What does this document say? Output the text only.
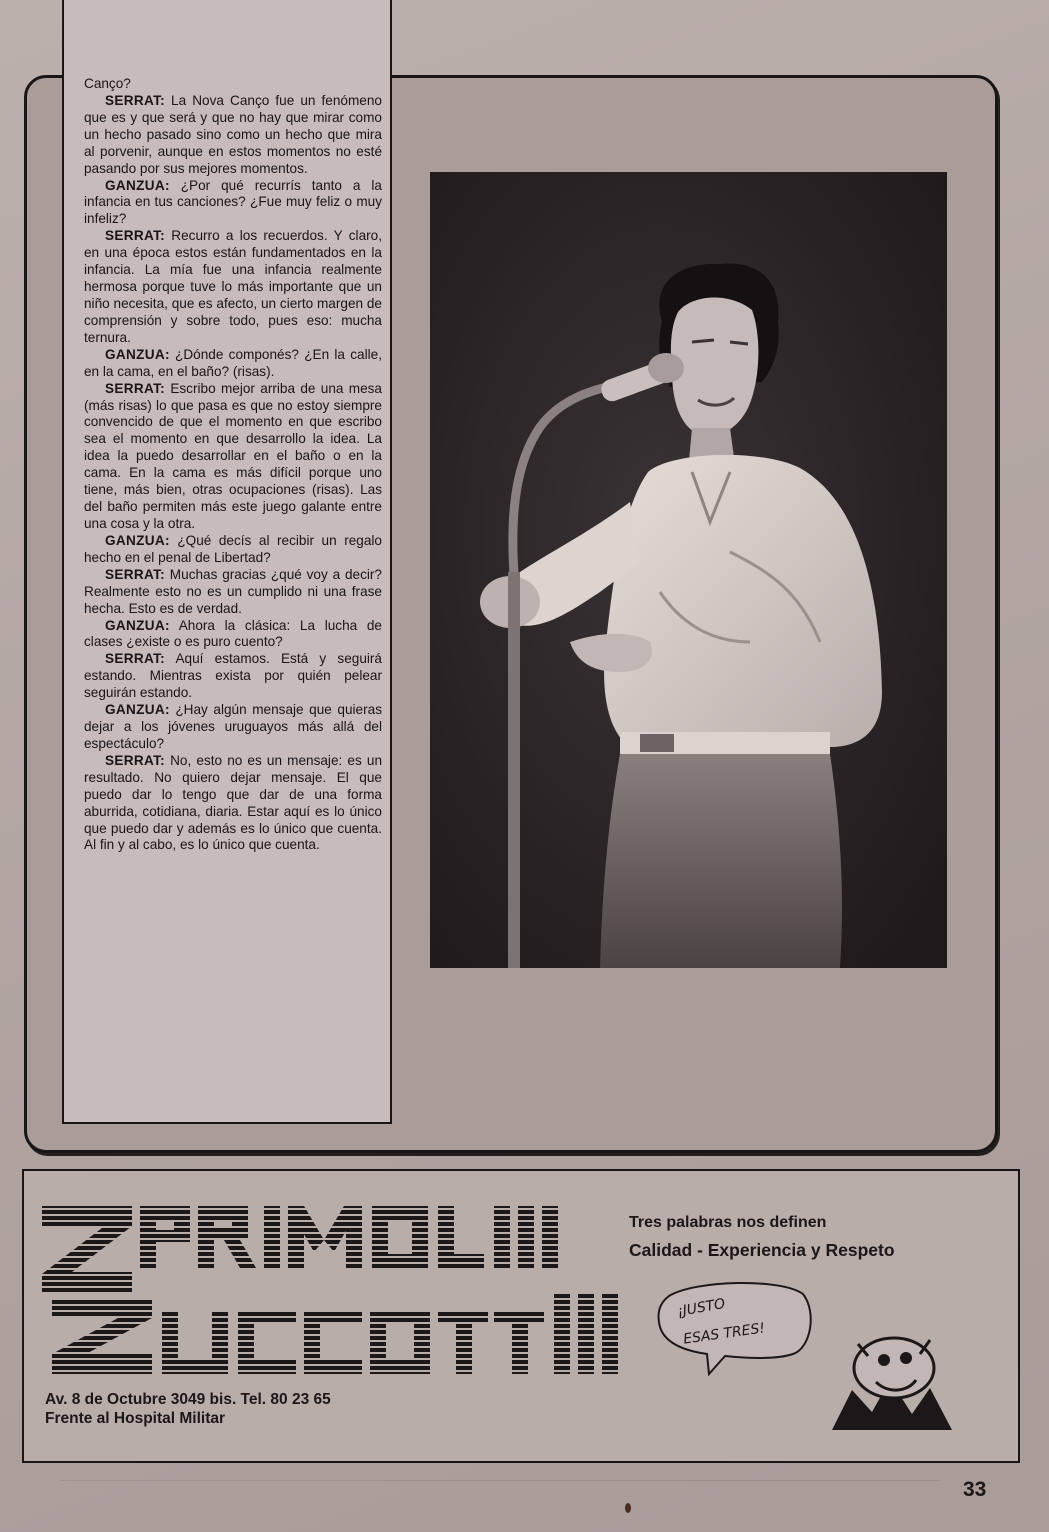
Canço?

SERRAT: La Nova Canço fue un fenómeno que es y que será y que no hay que mirar como un hecho pasado sino como un hecho que mira al porvenir, aunque en estos momentos no esté pasando por sus mejores momentos.

GANZUA: ¿Por qué recurrís tanto a la infancia en tus canciones? ¿Fue muy feliz o muy infeliz?

SERRAT: Recurro a los recuerdos. Y claro, en una época estos están fundamentados en la infancia. La mía fue una infancia realmente hermosa porque tuve lo más importante que un niño necesita, que es afecto, un cierto margen de comprensión y sobre todo, pues eso: mucha ternura.

GANZUA: ¿Dónde componés? ¿En la calle, en la cama, en el baño? (risas).

SERRAT: Escribo mejor arriba de una mesa (más risas) lo que pasa es que no estoy siempre convencido de que el momento en que escribo sea el momento en que desarrollo la idea. La idea la puedo desarrollar en el baño o en la cama. En la cama es más difícil porque uno tiene, más bien, otras ocupaciones (risas). Las del baño permiten más este juego galante entre una cosa y la otra.

GANZUA: ¿Qué decís al recibir un regalo hecho en el penal de Libertad?

SERRAT: Muchas gracias ¿qué voy a decir? Realmente esto no es un cumplido ni una frase hecha. Esto es de verdad.

GANZUA: Ahora la clásica: La lucha de clases ¿existe o es puro cuento?

SERRAT: Aquí estamos. Está y seguirá estando. Mientras exista por quién pelear seguirán estando.

GANZUA: ¿Hay algún mensaje que quieras dejar a los jóvenes uruguayos más allá del espectáculo?

SERRAT: No, esto no es un mensaje: es un resultado. No quiero dejar mensaje. El que puedo dar lo tengo que dar de una forma aburrida, cotidiana, diaria. Estar aquí es lo único que puedo dar y además es lo único que cuenta. Al fin y al cabo, es lo único que cuenta.

Tres palabras nos definen
Calidad - Experiencia y Respeto
¡JUSTO
ESAS TRES!
Av. 8 de Octubre 3049 bis. Tel. 80 23 65
Frente al Hospital Militar
33
